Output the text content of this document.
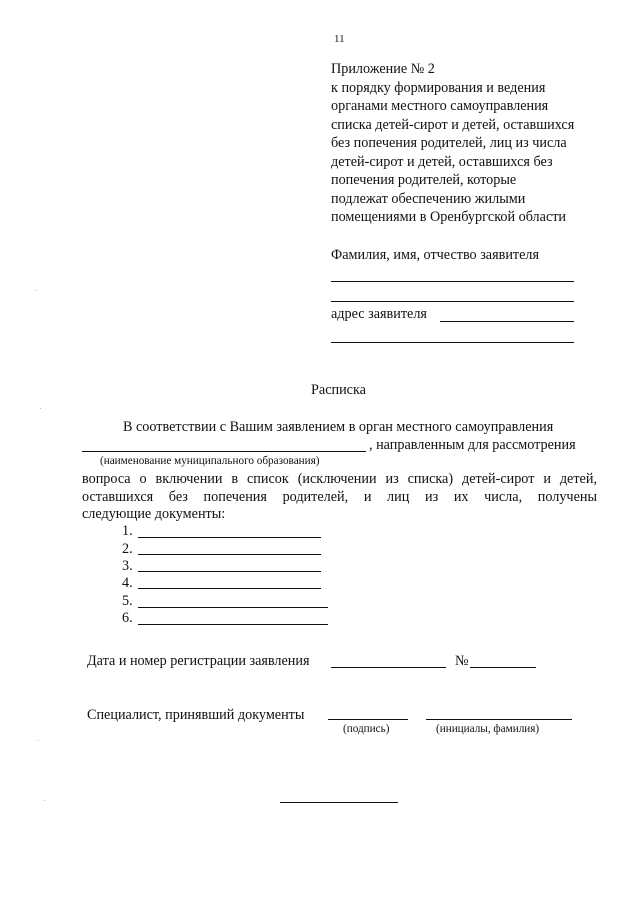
11
Приложение № 2
к порядку формирования и ведения
органами местного самоуправления
списка детей-сирот и детей, оставшихся
без попечения родителей, лиц из числа
детей-сирот и детей, оставшихся без
попечения родителей, которые
подлежат обеспечению жилыми
помещениями в Оренбургской области
Фамилия, имя, отчество заявителя
адрес заявителя
Расписка
В соответствии с Вашим заявлением в орган местного самоуправления
, направленным для рассмотрения
(наименование муниципального образования)
вопроса о включении в список (исключении из списка) детей-сирот и детей,
оставшихся без попечения родителей, и лиц из их числа, получены
следующие документы:
1.
2.
3.
4.
5.
6.
Дата и номер регистрации заявления	№
Специалист, принявший документы
(подпись)	(инициалы, фамилия)
